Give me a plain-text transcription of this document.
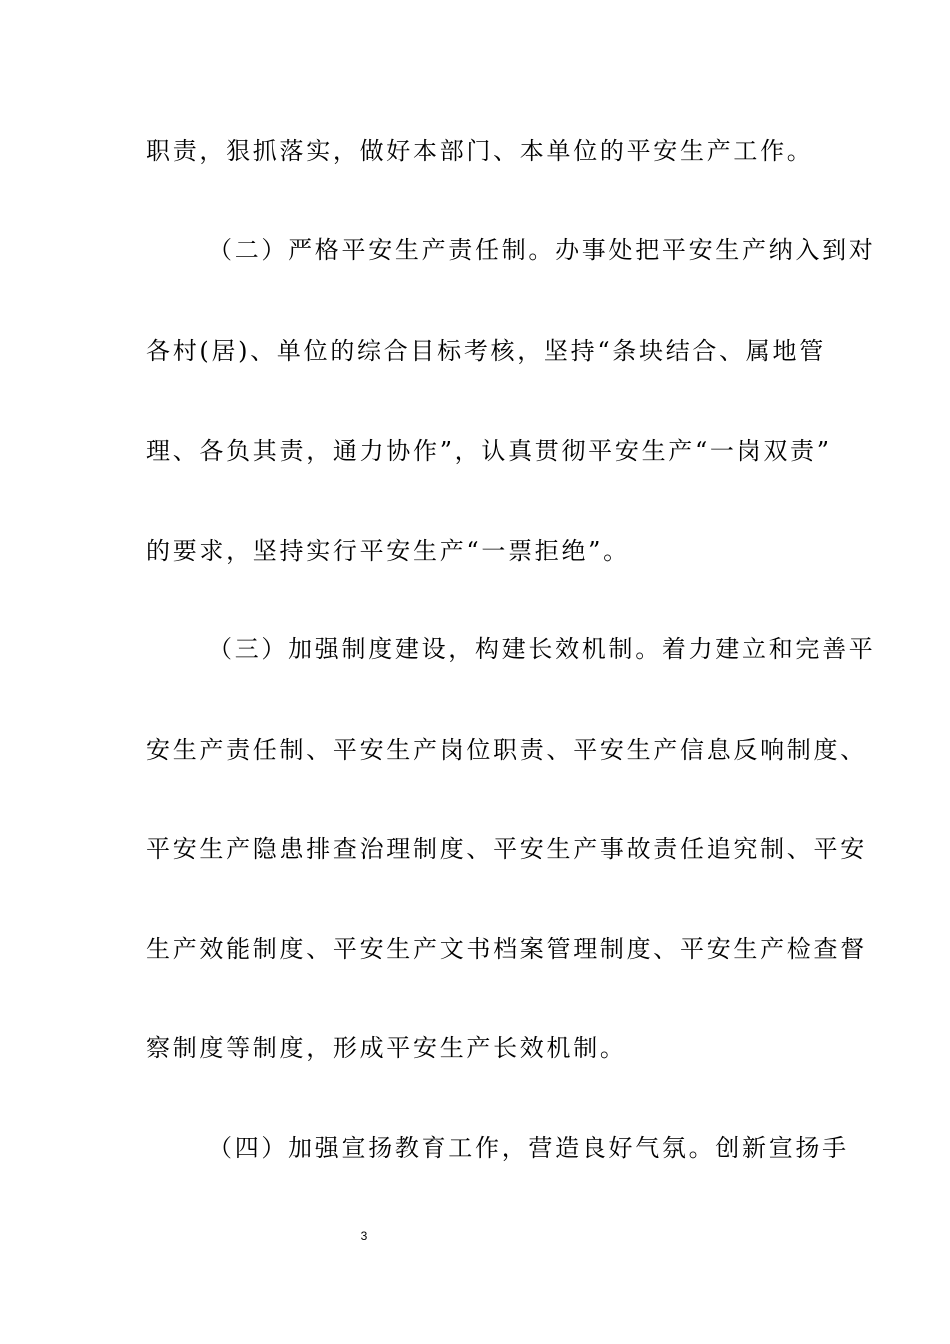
职责，狠抓落实，做好本部门、本单位的平安生产工作。
（二）严格平安生产责任制。办事处把平安生产纳入到对
各村(居)、单位的综合目标考核，坚持“条块结合、属地管
理、各负其责，通力协作”，认真贯彻平安生产“一岗双责”
的要求，坚持实行平安生产“一票拒绝”。
（三）加强制度建设，构建长效机制。着力建立和完善平
安生产责任制、平安生产岗位职责、平安生产信息反响制度、
平安生产隐患排查治理制度、平安生产事故责任追究制、平安
生产效能制度、平安生产文书档案管理制度、平安生产检查督
察制度等制度，形成平安生产长效机制。
（四）加强宣扬教育工作，营造良好气氛。创新宣扬手
3
